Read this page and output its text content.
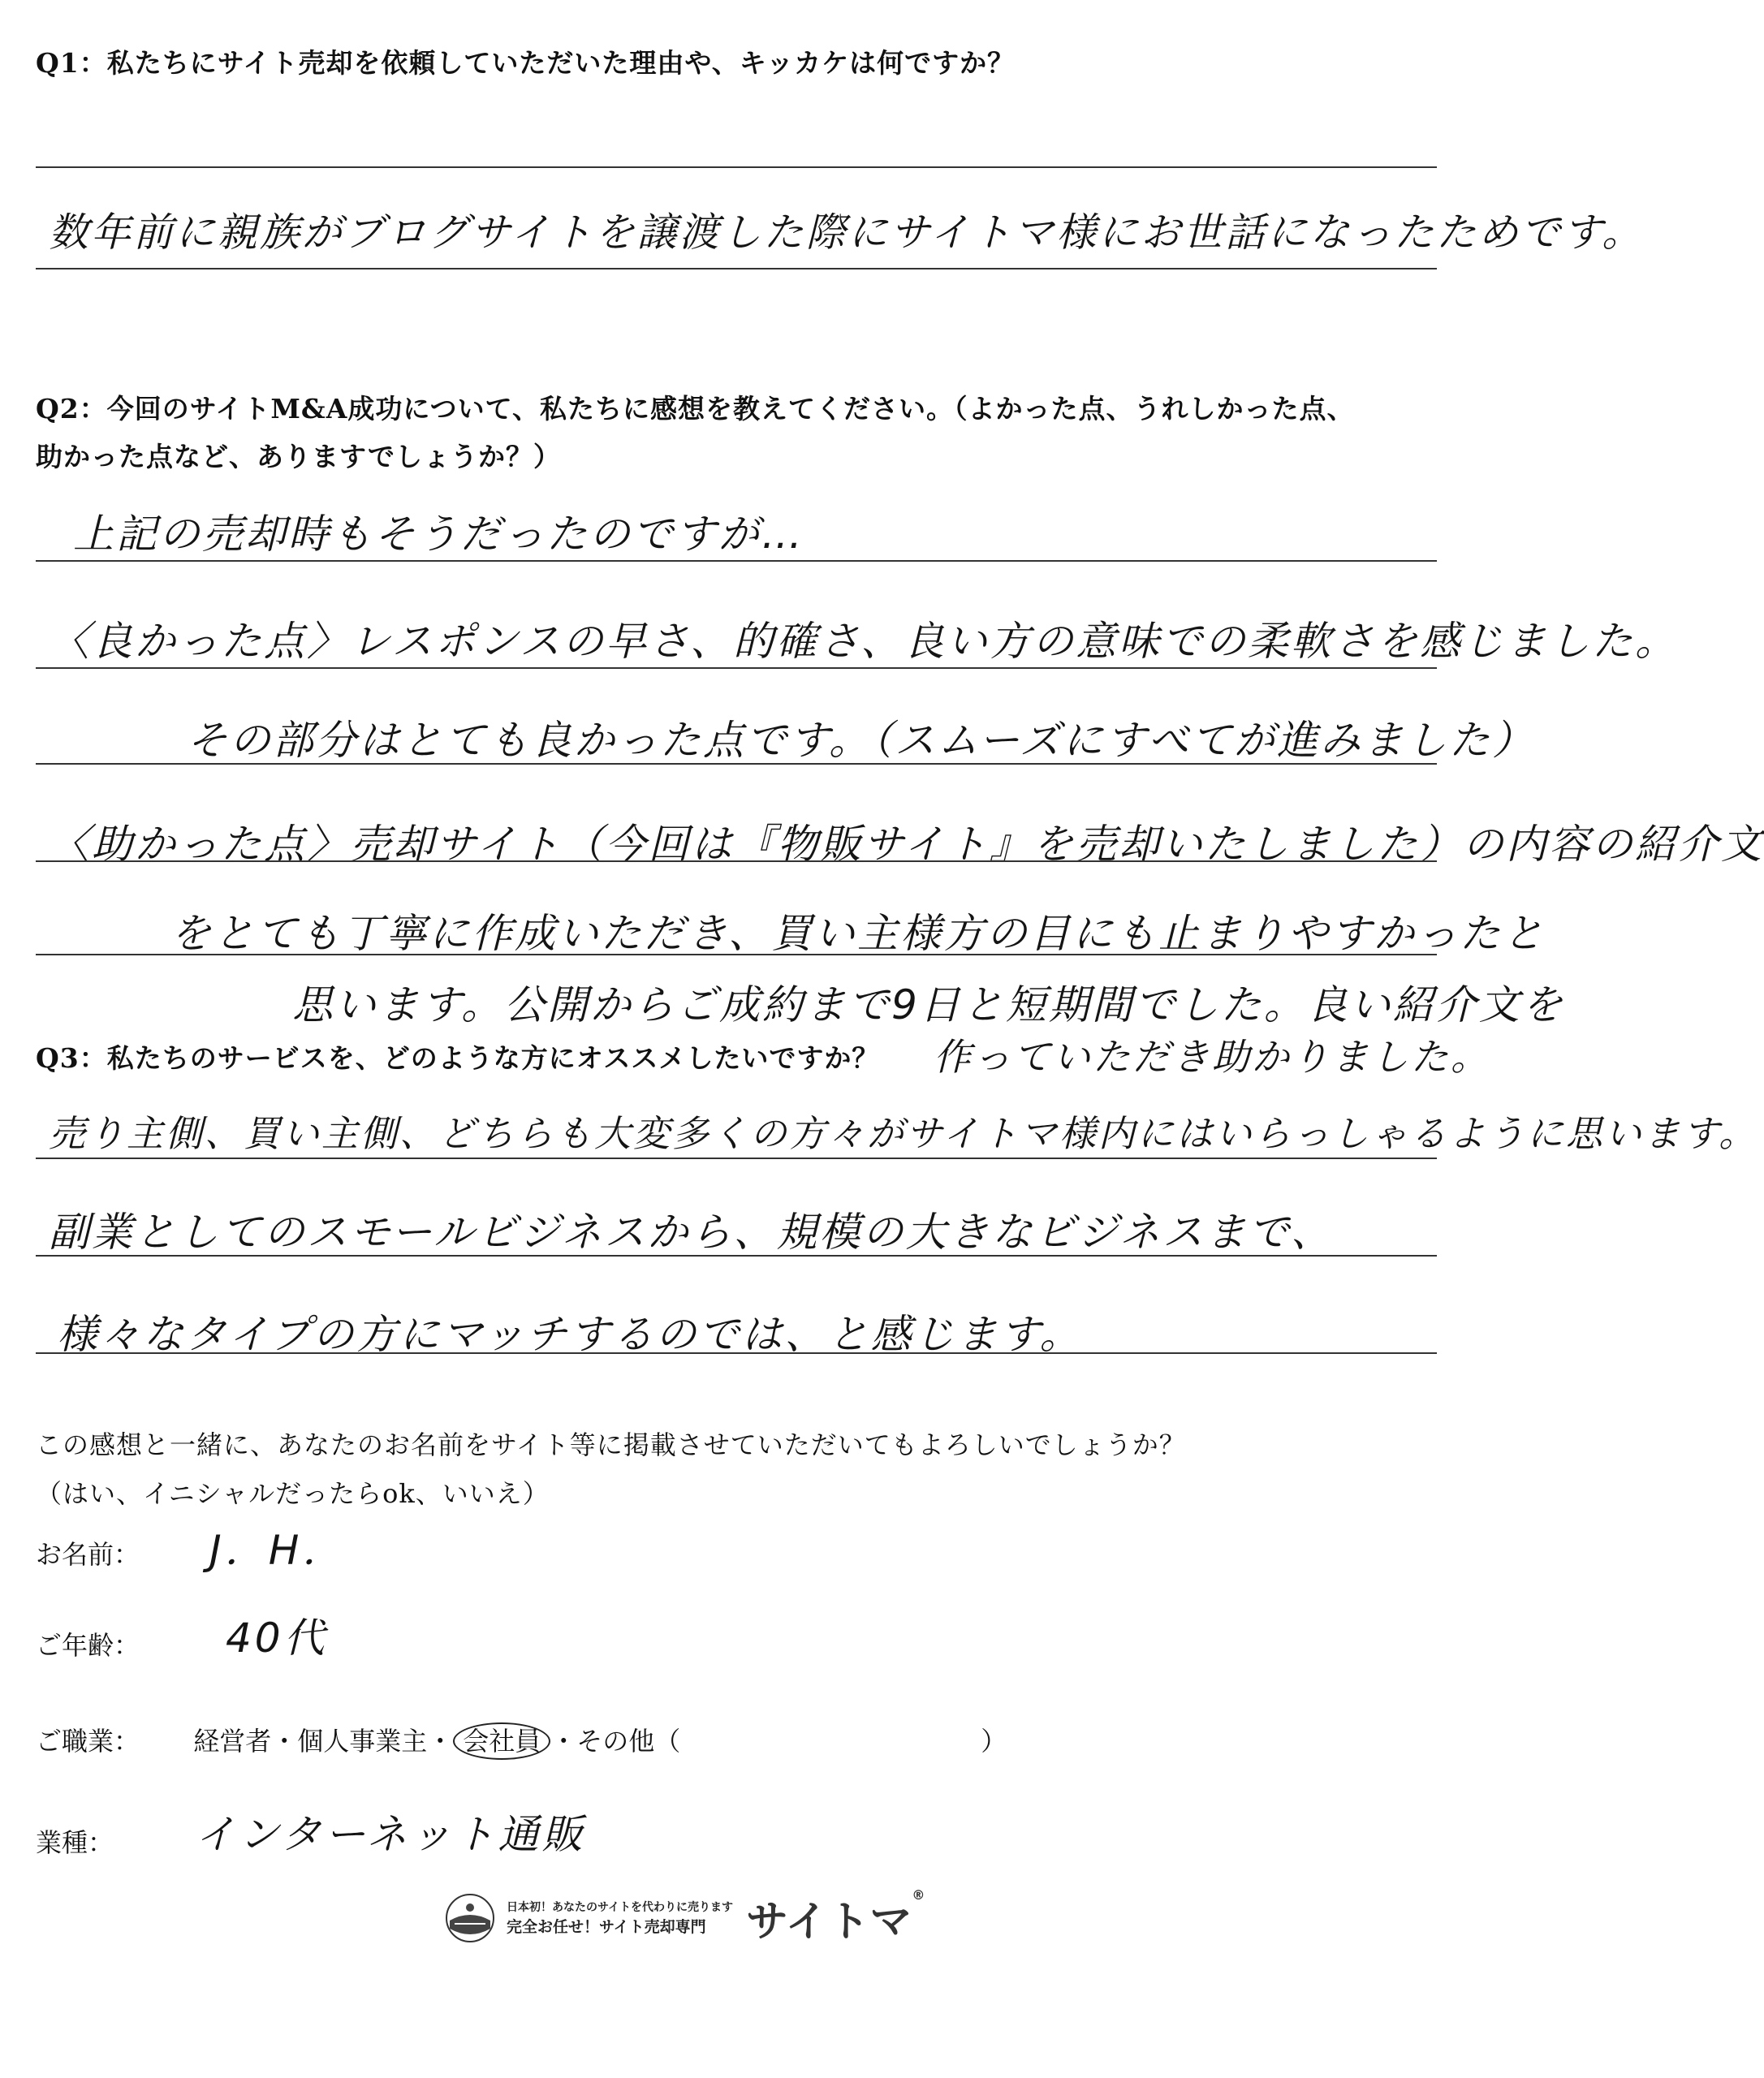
Q1：私たちにサイト売却を依頼していただいた理由や、キッカケは何ですか？
数年前に親族がブログサイトを譲渡した際にサイトマ様にお世話になったためです。
Q2：今回のサイトM&A成功について、私たちに感想を教えてください。（よかった点、うれしかった点、
助かった点など、ありますでしょうか？）
上記の売却時もそうだったのですが…
〈良かった点〉レスポンスの早さ、的確さ、良い方の意味での柔軟さを感じました。
その部分はとても良かった点です。（スムーズにすべてが進みました）
〈助かった点〉売却サイト（今回は『物販サイト』を売却いたしました）の内容の紹介文
をとても丁寧に作成いただき、買い主様方の目にも止まりやすかったと
思います。公開からご成約まで9日と短期間でした。良い紹介文を
Q3：私たちのサービスを、どのような方にオススメしたいですか？ 作っていただき助かりました。
売り主側、買い主側、どちらも大変多くの方々がサイトマ様内にはいらっしゃるように思います。
副業としてのスモールビジネスから、規模の大きなビジネスまで、
様々なタイプの方にマッチするのでは、と感じます。
この感想と一緒に、あなたのお名前をサイト等に掲載させていただいてもよろしいでしょうか？
（はい、イニシャルだったらok、いいえ）
お名前： J．H．
ご年齢： 40代
ご職業： 経営者・個人事業主・ 会社員 ・その他（	）
業種： インターネット通販
日本初！あなたのサイトを代わりに売ります
完全お任せ！サイト売却専門 サイトマ®
